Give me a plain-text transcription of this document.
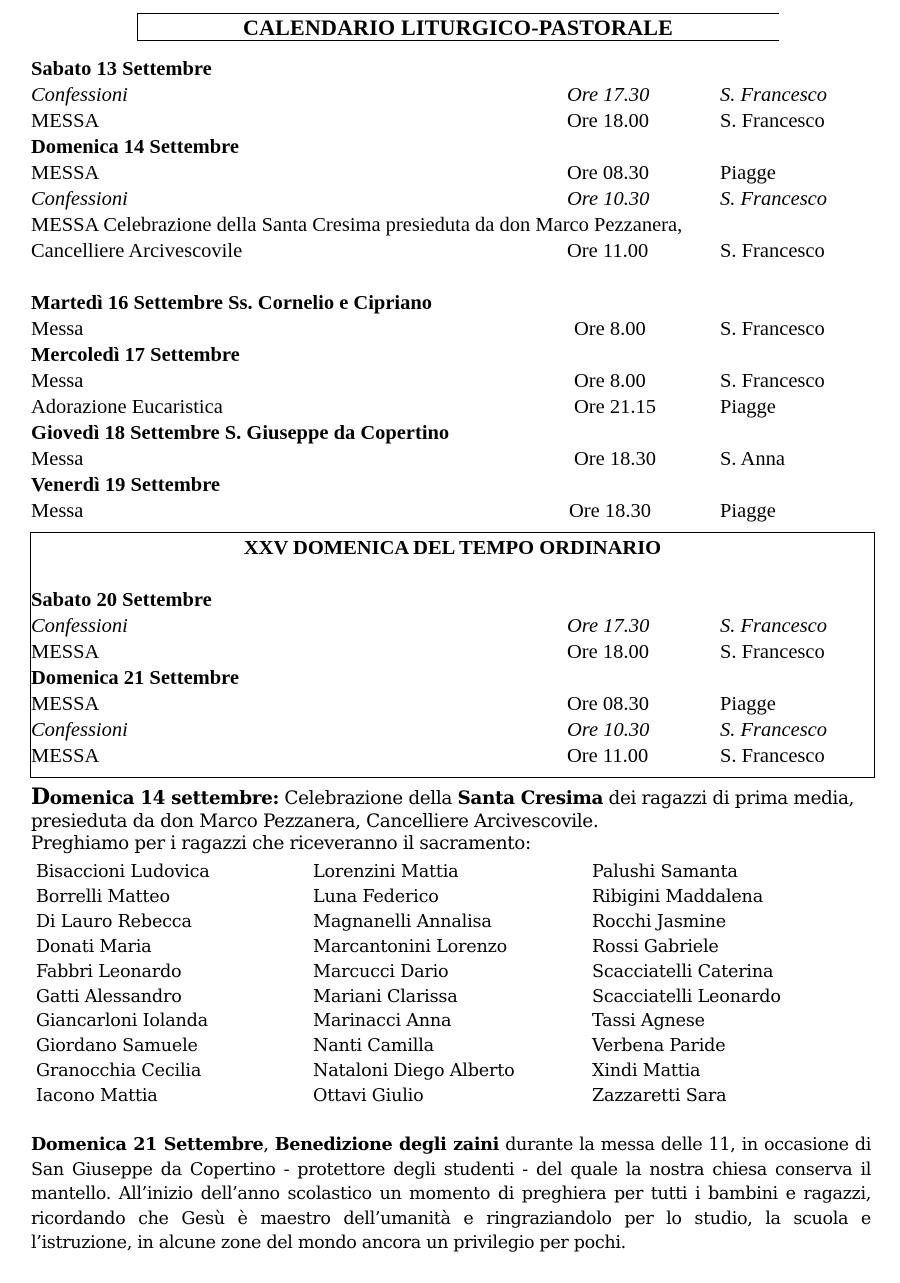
CALENDARIO LITURGICO-PASTORALE
Sabato 13 Settembre
Confessioni	Ore 17.30	S. Francesco
MESSA	Ore 18.00	S. Francesco
Domenica 14 Settembre
MESSA	Ore 08.30	Piagge
Confessioni	Ore 10.30	S. Francesco
MESSA Celebrazione della Santa Cresima presieduta da don Marco Pezzanera,
Cancelliere Arcivescovile	Ore 11.00	S. Francesco
Martedì 16 Settembre Ss. Cornelio e Cipriano
Messa	Ore 8.00	S. Francesco
Mercoledì 17 Settembre
Messa	Ore 8.00	S. Francesco
Adorazione Eucaristica	Ore 21.15	Piagge
Giovedì 18 Settembre S. Giuseppe da Copertino
Messa	Ore 18.30	S. Anna
Venerdì 19 Settembre
Messa	Ore 18.30	Piagge
XXV DOMENICA DEL TEMPO ORDINARIO
Sabato 20 Settembre
Confessioni	Ore 17.30	S. Francesco
MESSA	Ore 18.00	S. Francesco
Domenica 21 Settembre
MESSA	Ore 08.30	Piagge
Confessioni	Ore 10.30	S. Francesco
MESSA	Ore 11.00	S. Francesco
Domenica 14 settembre: Celebrazione della Santa Cresima dei ragazzi di prima media,
presieduta da don Marco Pezzanera, Cancelliere Arcivescovile.
Preghiamo per i ragazzi che riceveranno il sacramento:
Bisaccioni Ludovica	Lorenzini Mattia	Palushi Samanta
Borrelli Matteo	Luna Federico	Ribigini Maddalena
Di Lauro Rebecca	Magnanelli Annalisa	Rocchi Jasmine
Donati Maria	Marcantonini Lorenzo	Rossi Gabriele
Fabbri Leonardo	Marcucci Dario	Scacciatelli Caterina
Gatti Alessandro	Mariani Clarissa	Scacciatelli Leonardo
Giancarloni Iolanda	Marinacci Anna	Tassi Agnese
Giordano Samuele	Nanti Camilla	Verbena Paride
Granocchia Cecilia	Nataloni Diego Alberto	Xindi Mattia
Iacono Mattia	Ottavi Giulio	Zazzaretti Sara
Domenica 21 Settembre, Benedizione degli zaini durante la messa delle 11, in occasione di San Giuseppe da Copertino - protettore degli studenti - del quale la nostra chiesa conserva il mantello. All’inizio dell’anno scolastico un momento di preghiera per tutti i bambini e ragazzi, ricordando che Gesù è maestro dell’umanità e ringraziandolo per lo studio, la scuola e l’istruzione, in alcune zone del mondo ancora un privilegio per pochi.
